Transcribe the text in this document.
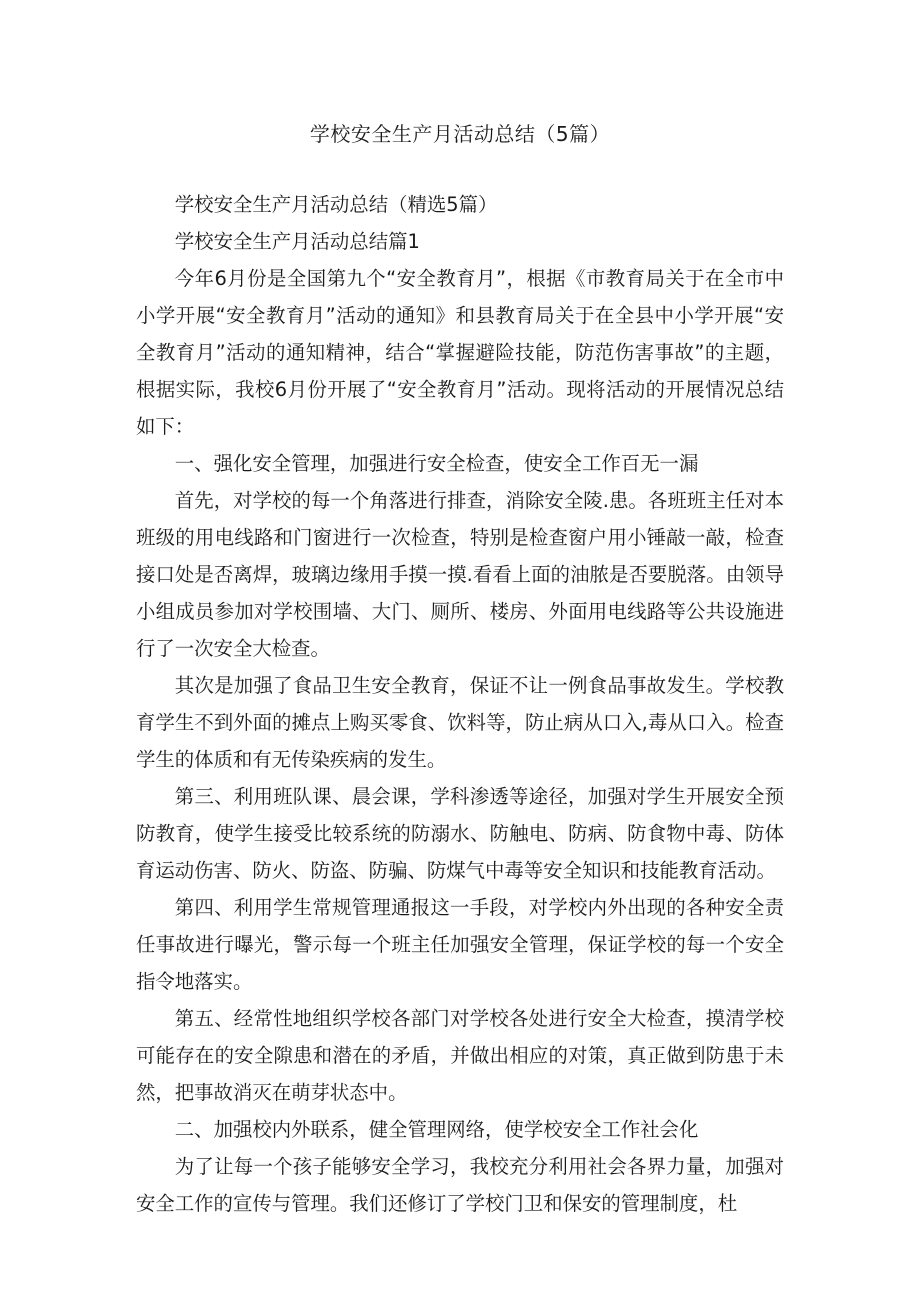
学校安全生产月活动总结（5篇）

学校安全生产月活动总结（精选5篇）

学校安全生产月活动总结篇1

今年6月份是全国第九个“安全教育月”，根据《市教育局关于在全市中小学开展“安全教育月”活动的通知》和县教育局关于在全县中小学开展“安全教育月”活动的通知精神，结合“掌握避险技能，防范伤害事故”的主题，根据实际，我校6月份开展了“安全教育月”活动。现将活动的开展情况总结如下：

一、强化安全管理，加强进行安全检查，使安全工作百无一漏

首先，对学校的每一个角落进行排查，消除安全陵.患。各班班主任对本班级的用电线路和门窗进行一次检查，特别是检查窗户用小锤敲一敲，检查接口处是否离焊，玻璃边缘用手摸一摸.看看上面的油脓是否要脱落。由领导小组成员参加对学校围墙、大门、厕所、楼房、外面用电线路等公共设施进行了一次安全大检查。

其次是加强了食品卫生安全教育，保证不让一例食品事故发生。学校教育学生不到外面的摊点上购买零食、饮料等，防止病从口入,毒从口入。检查学生的体质和有无传染疾病的发生。

第三、利用班队课、晨会课，学科渗透等途径，加强对学生开展安全预防教育，使学生接受比较系统的防溺水、防触电、防病、防食物中毒、防体育运动伤害、防火、防盗、防骗、防煤气中毒等安全知识和技能教育活动。

第四、利用学生常规管理通报这一手段，对学校内外出现的各种安全责任事故进行曝光，警示每一个班主任加强安全管理，保证学校的每一个安全指令地落实。

第五、经常性地组织学校各部门对学校各处进行安全大检查，摸清学校可能存在的安全隙患和潜在的矛盾，并做出相应的对策，真正做到防患于未然，把事故消灭在萌芽状态中。

二、加强校内外联系，健全管理网络，使学校安全工作社会化

为了让每一个孩子能够安全学习，我校充分利用社会各界力量，加强对安全工作的宣传与管理。我们还修订了学校门卫和保安的管理制度，杜
